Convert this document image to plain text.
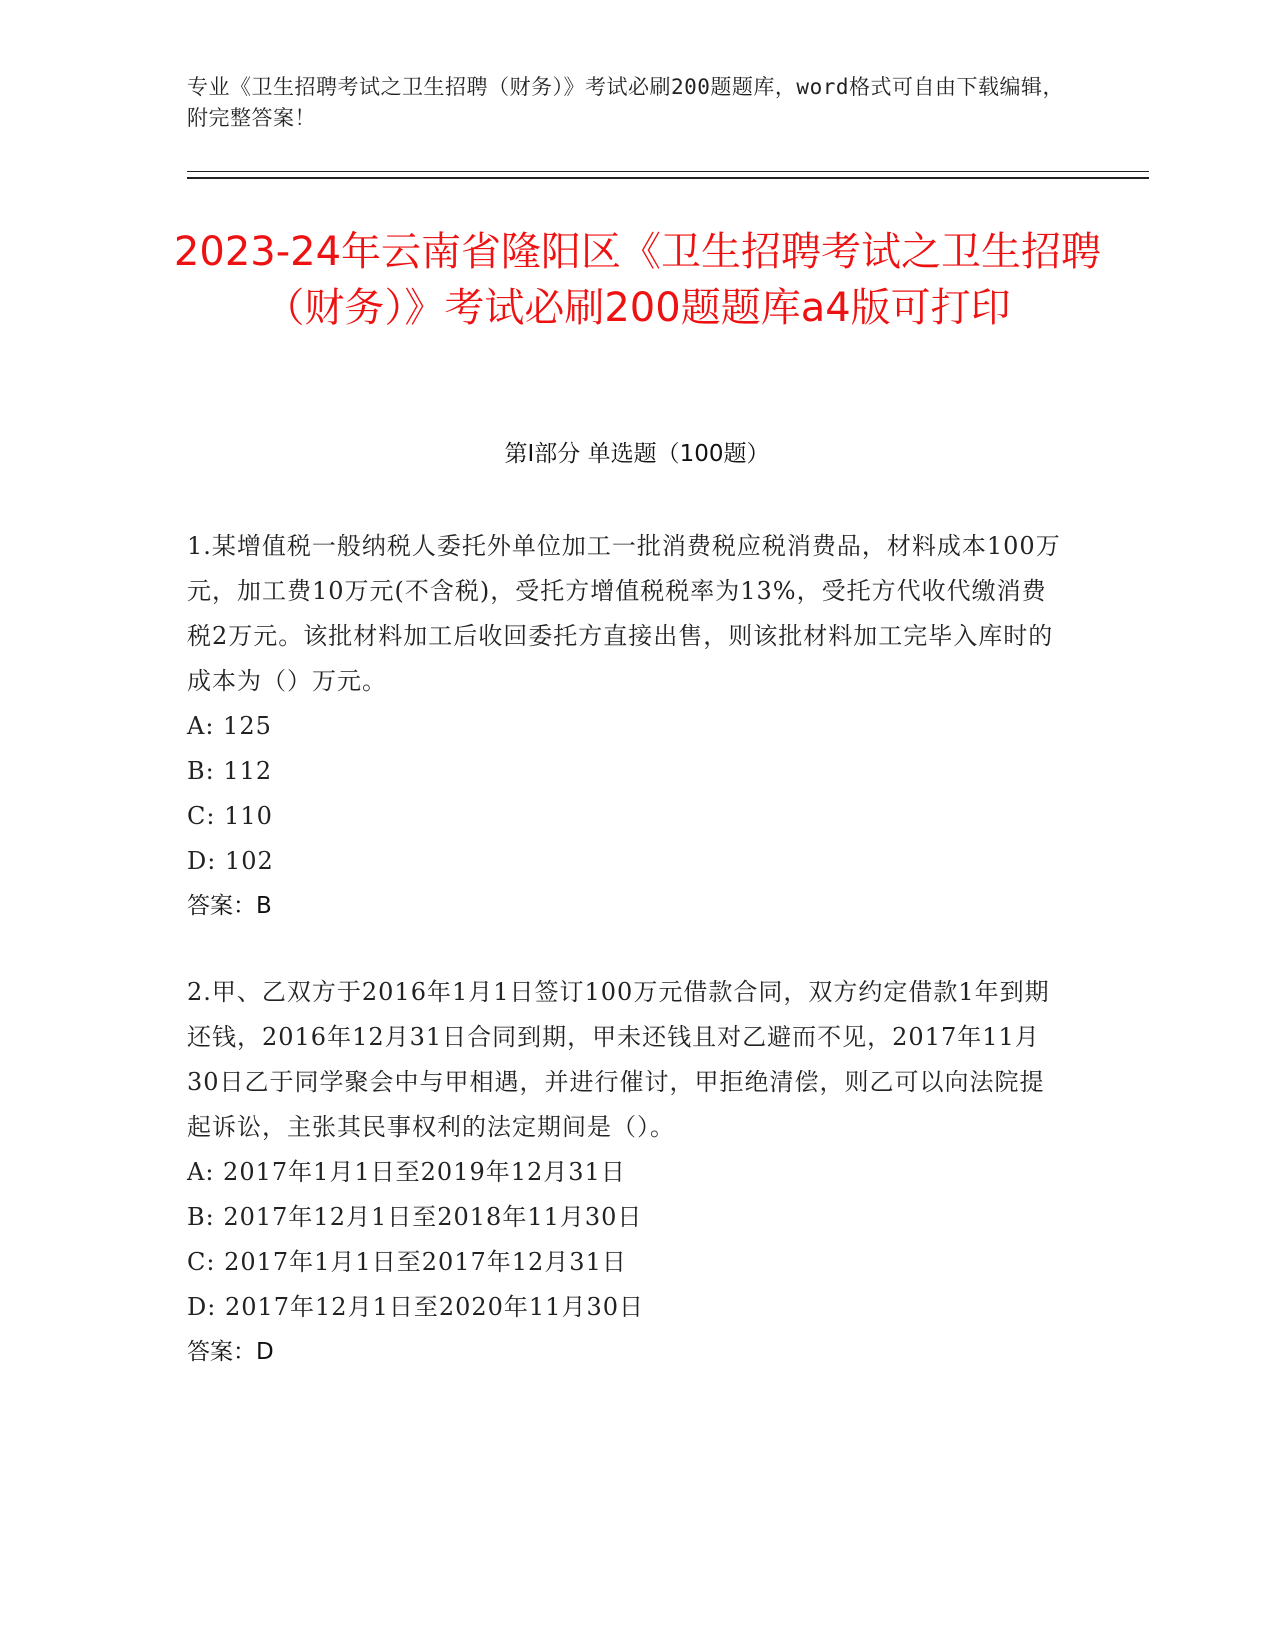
专业《卫生招聘考试之卫生招聘（财务）》考试必刷200题题库，word格式可自由下载编辑，附完整答案！
2023-24年云南省隆阳区《卫生招聘考试之卫生招聘（财务）》考试必刷200题题库a4版可打印
第Ⅰ部分 单选题（100题）

1.某增值税一般纳税人委托外单位加工一批消费税应税消费品，材料成本100万元，加工费10万元(不含税)，受托方增值税税率为13%，受托方代收代缴消费税2万元。该批材料加工后收回委托方直接出售，则该批材料加工完毕入库时的成本为（）万元。

A: 125

B: 112

C: 110

D: 102

答案：B

2.甲、乙双方于2016年1月1日签订100万元借款合同，双方约定借款1年到期还钱，2016年12月31日合同到期，甲未还钱且对乙避而不见，2017年11月30日乙于同学聚会中与甲相遇，并进行催讨，甲拒绝清偿，则乙可以向法院提起诉讼，主张其民事权利的法定期间是（）。

A: 2017年1月1日至2019年12月31日

B: 2017年12月1日至2018年11月30日

C: 2017年1月1日至2017年12月31日

D: 2017年12月1日至2020年11月30日

答案：D
